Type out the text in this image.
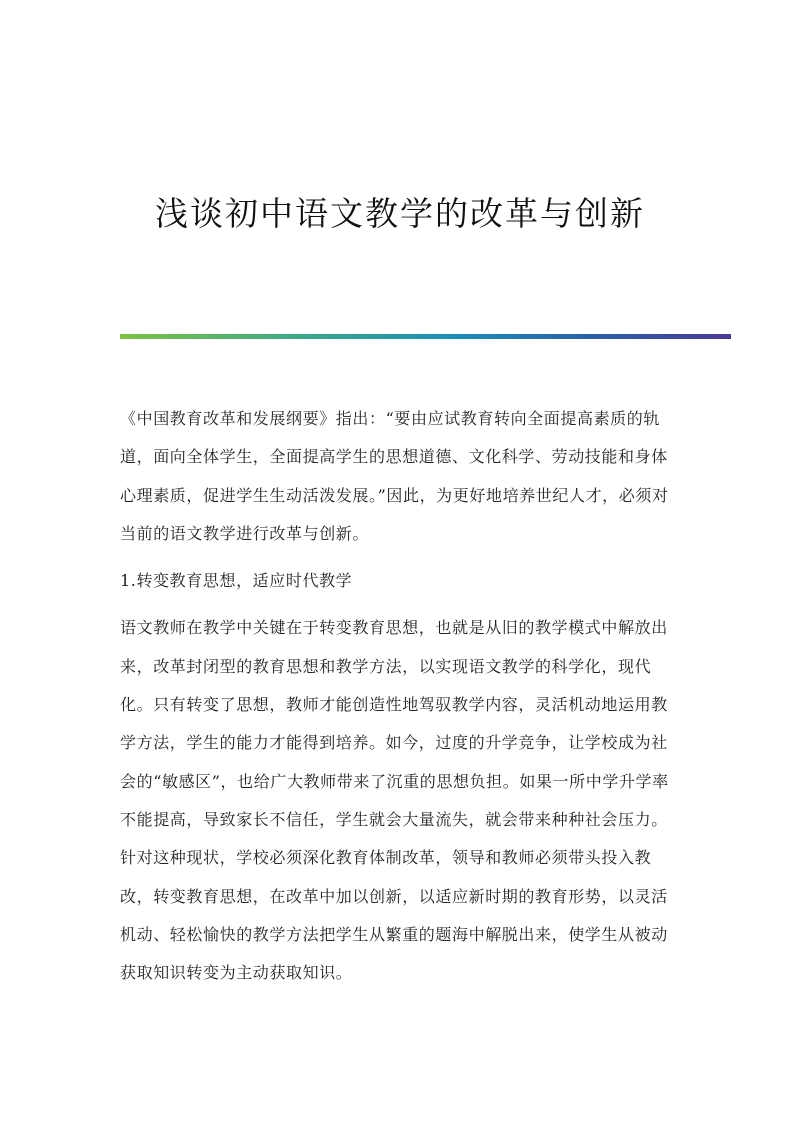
浅谈初中语文教学的改革与创新

《中国教育改革和发展纲要》指出：“要由应试教育转向全面提高素质的轨道，面向全体学生，全面提高学生的思想道德、文化科学、劳动技能和身体心理素质，促进学生生动活泼发展。”因此，为更好地培养世纪人才，必须对当前的语文教学进行改革与创新。

1.转变教育思想，适应时代教学

语文教师在教学中关键在于转变教育思想，也就是从旧的教学模式中解放出来，改革封闭型的教育思想和教学方法，以实现语文教学的科学化，现代化。只有转变了思想，教师才能创造性地驾驭教学内容，灵活机动地运用教学方法，学生的能力才能得到培养。如今，过度的升学竞争，让学校成为社会的“敏感区”，也给广大教师带来了沉重的思想负担。如果一所中学升学率不能提高，导致家长不信任，学生就会大量流失，就会带来种种社会压力。针对这种现状，学校必须深化教育体制改革，领导和教师必须带头投入教改，转变教育思想，在改革中加以创新，以适应新时期的教育形势，以灵活机动、轻松愉快的教学方法把学生从繁重的题海中解脱出来，使学生从被动获取知识转变为主动获取知识。
